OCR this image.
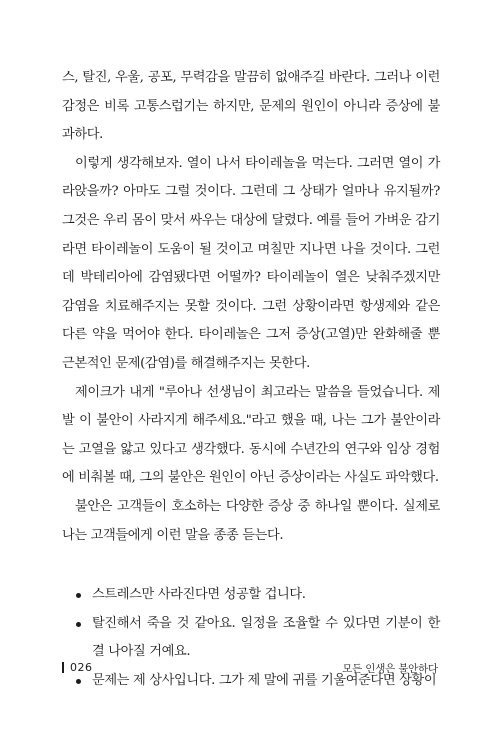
스, 탈진, 우울, 공포, 무력감을 말끔히 없애주길 바란다. 그러나 이런 감정은 비록 고통스럽기는 하지만, 문제의 원인이 아니라 증상에 불과하다.

이렇게 생각해보자. 열이 나서 타이레놀을 먹는다. 그러면 열이 가라앉을까? 아마도 그럴 것이다. 그런데 그 상태가 얼마나 유지될까? 그것은 우리 몸이 맞서 싸우는 대상에 달렸다. 예를 들어 가벼운 감기라면 타이레놀이 도움이 될 것이고 며칠만 지나면 나을 것이다. 그런데 박테리아에 감염됐다면 어떨까? 타이레놀이 열은 낮춰주겠지만 감염을 치료해주지는 못할 것이다. 그런 상황이라면 항생제와 같은 다른 약을 먹어야 한다. 타이레놀은 그저 증상(고열)만 완화해줄 뿐 근본적인 문제(감염)를 해결해주지는 못한다.

제이크가 내게 "루아나 선생님이 최고라는 말씀을 들었습니다. 제발 이 불안이 사라지게 해주세요."라고 했을 때, 나는 그가 불안이라는 고열을 앓고 있다고 생각했다. 동시에 수년간의 연구와 임상 경험에 비춰볼 때, 그의 불안은 원인이 아닌 증상이라는 사실도 파악했다.

불안은 고객들이 호소하는 다양한 증상 중 하나일 뿐이다. 실제로 나는 고객들에게 이런 말을 종종 듣는다.

스트레스만 사라진다면 성공할 겁니다.
탈진해서 죽을 것 같아요. 일정을 조율할 수 있다면 기분이 한결 나아질 거예요.
문제는 제 상사입니다. 그가 제 말에 귀를 기울여준다면 상황이
026	모든 인생은 불안하다
